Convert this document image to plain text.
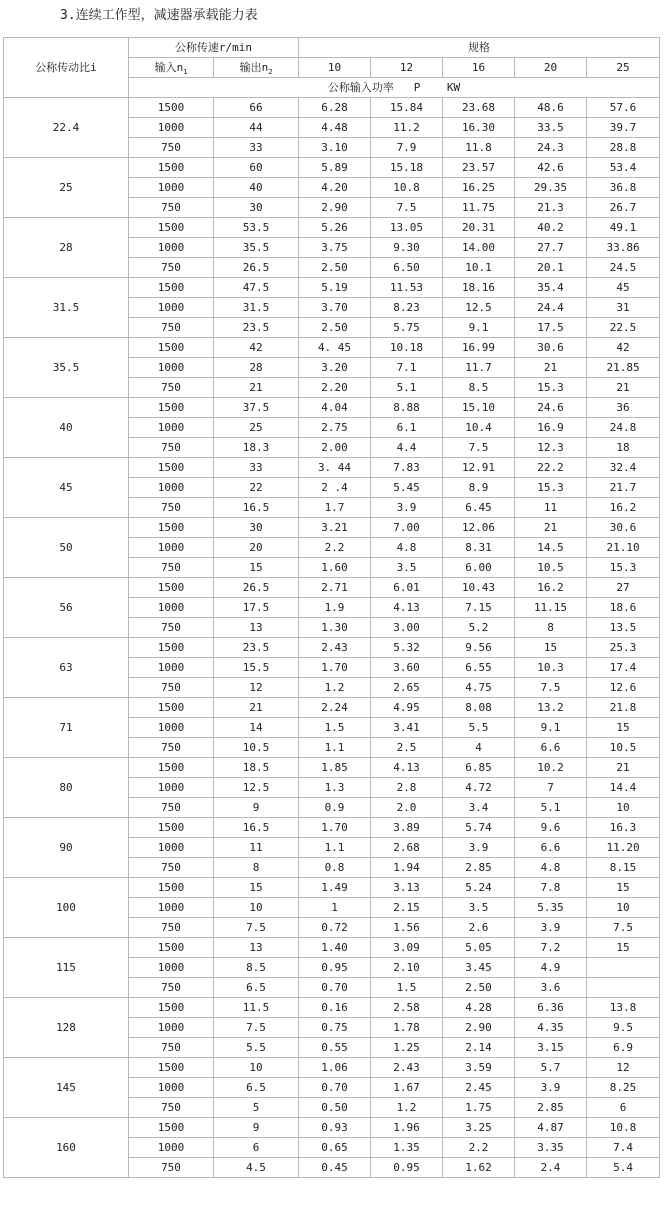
3.连续工作型，减速器承载能力表
公称传动比i	公称传速r/min		规格				
	输入$n_1$	输出$n_2$	10	12	16	20	25
	公称输入功率   P    KW						
22.4	1500	66	6.28	15.84	23.68	48.6	57.6
	1000	44	4.48	11.2	16.30	33.5	39.7
	750	33	3.10	7.9	11.8	24.3	28.8
25	1500	60	5.89	15.18	23.57	42.6	53.4
	1000	40	4.20	10.8	16.25	29.35	36.8
	750	30	2.90	7.5	11.75	21.3	26.7
28	1500	53.5	5.26	13.05	20.31	40.2	49.1
	1000	35.5	3.75	9.30	14.00	27.7	33.86
	750	26.5	2.50	6.50	10.1	20.1	24.5
31.5	1500	47.5	5.19	11.53	18.16	35.4	45
	1000	31.5	3.70	8.23	12.5	24.4	31
	750	23.5	2.50	5.75	9.1	17.5	22.5
35.5	1500	42	4. 45	10.18	16.99	30.6	42
	1000	28	3.20	7.1	11.7	21	21.85
	750	21	2.20	5.1	8.5	15.3	21
40	1500	37.5	4.04	8.88	15.10	24.6	36
	1000	25	2.75	6.1	10.4	16.9	24.8
	750	18.3	2.00	4.4	7.5	12.3	18
45	1500	33	3. 44	7.83	12.91	22.2	32.4
	1000	22	2 .4	5.45	8.9	15.3	21.7
	750	16.5	1.7	3.9	6.45	11	16.2
50	1500	30	3.21	7.00	12.06	21	30.6
	1000	20	2.2	4.8	8.31	14.5	21.10
	750	15	1.60	3.5	6.00	10.5	15.3
56	1500	26.5	2.71	6.01	10.43	16.2	27
	1000	17.5	1.9	4.13	7.15	11.15	18.6
	750	13	1.30	3.00	5.2	8	13.5
63	1500	23.5	2.43	5.32	9.56	15	25.3
	1000	15.5	1.70	3.60	6.55	10.3	17.4
	750	12	1.2	2.65	4.75	7.5	12.6
71	1500	21	2.24	4.95	8.08	13.2	21.8
	1000	14	1.5	3.41	5.5	9.1	15
	750	10.5	1.1	2.5	4	6.6	10.5
80	1500	18.5	1.85	4.13	6.85	10.2	21
	1000	12.5	1.3	2.8	4.72	7	14.4
	750	9	0.9	2.0	3.4	5.1	10
90	1500	16.5	1.70	3.89	5.74	9.6	16.3
	1000	11	1.1	2.68	3.9	6.6	11.20
	750	8	0.8	1.94	2.85	4.8	8.15
100	1500	15	1.49	3.13	5.24	7.8	15
	1000	10	1	2.15	3.5	5.35	10
	750	7.5	0.72	1.56	2.6	3.9	7.5
115	1500	13	1.40	3.09	5.05	7.2	15
	1000	8.5	0.95	2.10	3.45	4.9	
	750	6.5	0.70	1.5	2.50	3.6	
128	1500	11.5	0.16	2.58	4.28	6.36	13.8
	1000	7.5	0.75	1.78	2.90	4.35	9.5
	750	5.5	0.55	1.25	2.14	3.15	6.9
145	1500	10	1.06	2.43	3.59	5.7	12
	1000	6.5	0.70	1.67	2.45	3.9	8.25
	750	5	0.50	1.2	1.75	2.85	6
160	1500	9	0.93	1.96	3.25	4.87	10.8
	1000	6	0.65	1.35	2.2	3.35	7.4
	750	4.5	0.45	0.95	1.62	2.4	5.4
